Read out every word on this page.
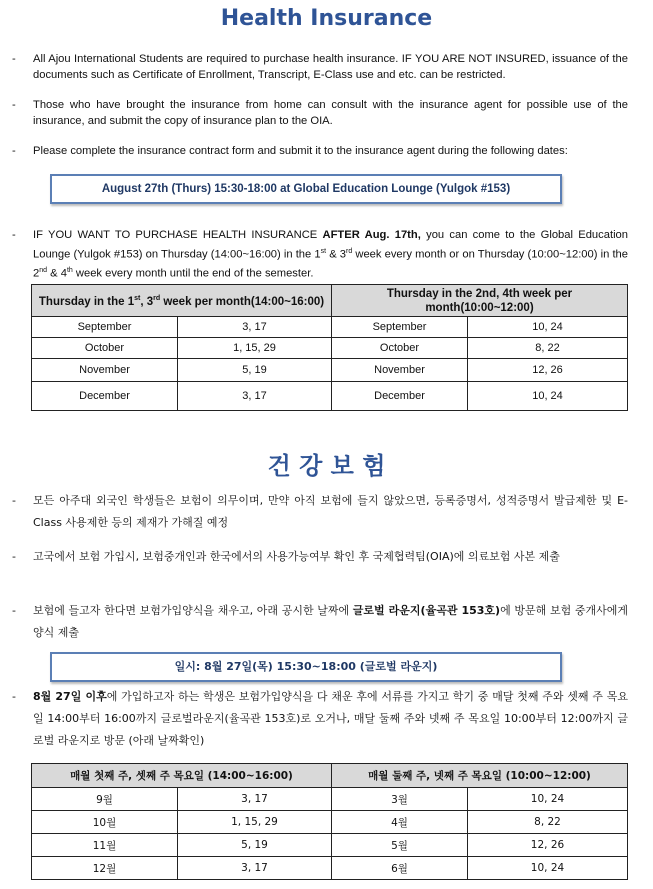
Health Insurance
- All Ajou International Students are required to purchase health insurance. IF YOU ARE NOT INSURED, issuance of the documents such as Certificate of Enrollment, Transcript, E-Class use and etc. can be restricted.
- Those who have brought the insurance from home can consult with the insurance agent for possible use of the insurance, and submit the copy of insurance plan to the OIA.
- Please complete the insurance contract form and submit it to the insurance agent during the following dates:
August 27th (Thurs) 15:30-18:00 at Global Education Lounge (Yulgok #153)
- IF YOU WANT TO PURCHASE HEALTH INSURANCE AFTER Aug. 17th, you can come to the Global Education Lounge (Yulgok #153) on Thursday (14:00~16:00) in the 1st & 3rd week every month or on Thursday (10:00~12:00) in the 2nd & 4th week every month until the end of the semester.
Thursday in the 1st, 3rd week per month(14:00~16:00)		Thursday in the 2nd, 4th week per month(10:00~12:00)	
September	3, 17	September	10, 24
October	1, 15, 29	October	8, 22
November	5, 19	November	12, 26
December	3, 17	December	10, 24
건 강 보 험
- 모든 아주대 외국인 학생들은 보험이 의무이며, 만약 아직 보험에 들지 않았으면, 등록증명서, 성적증명서 발급제한 및 E-Class 사용제한 등의 제재가 가해질 예정
- 고국에서 보험 가입시, 보험중개인과 한국에서의 사용가능여부 확인 후 국제협력팀(OIA)에 의료보험 사본 제출
- 보험에 들고자 한다면 보험가입양식을 채우고, 아래 공시한 날짜에 글로벌 라운지(율곡관 153호)에 방문해 보험 중개사에게 양식 제출
일시: 8월 27일(목) 15:30~18:00 (글로벌 라운지)
- 8월 27일 이후에 가입하고자 하는 학생은 보험가입양식을 다 채운 후에 서류를 가지고 학기 중 매달 첫째 주와 셋째 주 목요일 14:00부터 16:00까지 글로벌라운지(율곡관 153호)로 오거나, 매달 둘째 주와 넷째 주 목요일 10:00부터 12:00까지 글로벌 라운지로 방문 (아래 날짜확인)
매월 첫째 주, 셋째 주 목요일 (14:00~16:00)		매월 둘째 주, 넷째 주 목요일 (10:00~12:00)	
9월	3, 17	3월	10, 24
10월	1, 15, 29	4월	8, 22
11월	5, 19	5월	12, 26
12월	3, 17	6월	10, 24
